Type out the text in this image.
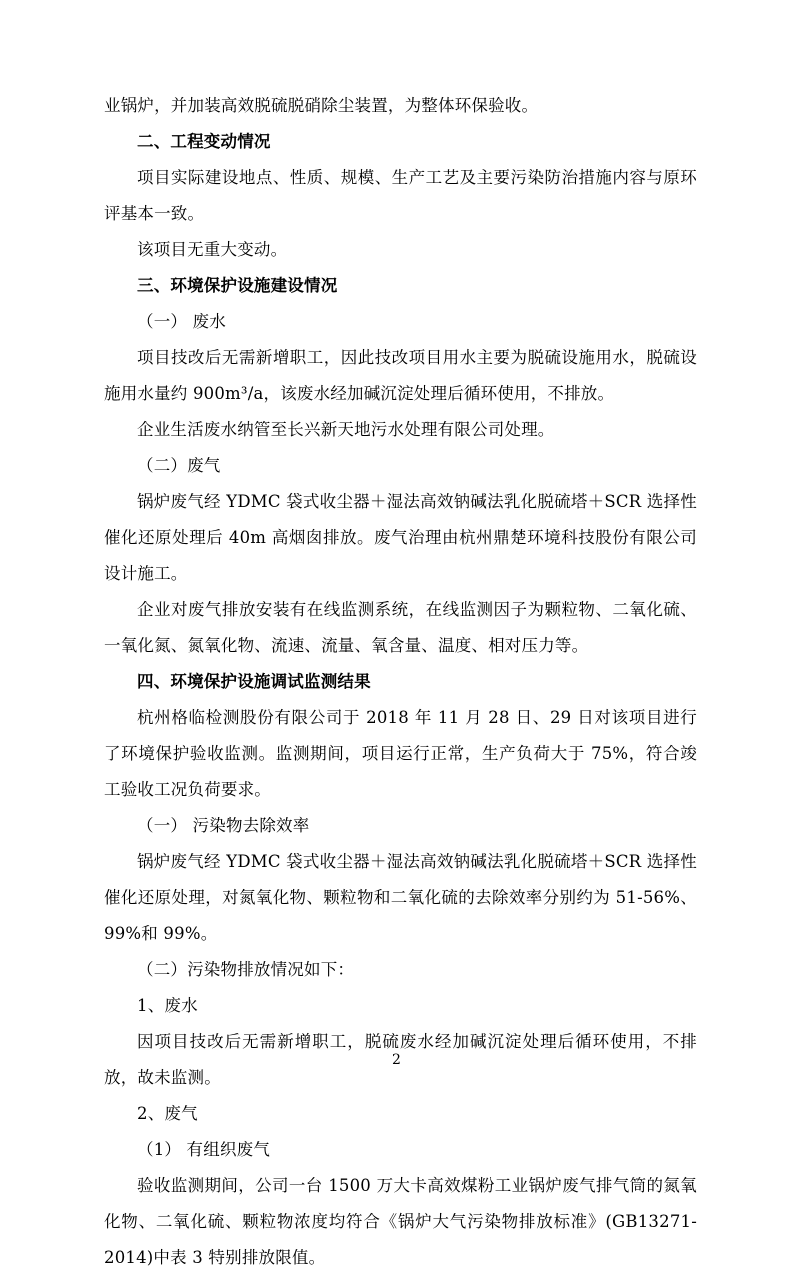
业锅炉，并加装高效脱硫脱硝除尘装置，为整体环保验收。

二、工程变动情况

项目实际建设地点、性质、规模、生产工艺及主要污染防治措施内容与原环评基本一致。

该项目无重大变动。

三、环境保护设施建设情况

（一） 废水

项目技改后无需新增职工，因此技改项目用水主要为脱硫设施用水，脱硫设施用水量约 900m³/a，该废水经加碱沉淀处理后循环使用，不排放。

企业生活废水纳管至长兴新天地污水处理有限公司处理。

（二）废气

锅炉废气经 YDMC 袋式收尘器＋湿法高效钠碱法乳化脱硫塔＋SCR 选择性催化还原处理后 40m 高烟囱排放。废气治理由杭州鼎楚环境科技股份有限公司设计施工。

企业对废气排放安装有在线监测系统，在线监测因子为颗粒物、二氧化硫、一氧化氮、氮氧化物、流速、流量、氧含量、温度、相对压力等。

四、环境保护设施调试监测结果

杭州格临检测股份有限公司于 2018 年 11 月 28 日、29 日对该项目进行了环境保护验收监测。监测期间，项目运行正常，生产负荷大于 75%，符合竣工验收工况负荷要求。

（一） 污染物去除效率

锅炉废气经 YDMC 袋式收尘器＋湿法高效钠碱法乳化脱硫塔＋SCR 选择性催化还原处理，对氮氧化物、颗粒物和二氧化硫的去除效率分别约为 51-56%、99%和 99%。

（二）污染物排放情况如下：

1、废水

因项目技改后无需新增职工，脱硫废水经加碱沉淀处理后循环使用，不排放，故未监测。

2、废气

（1） 有组织废气

验收监测期间，公司一台 1500 万大卡高效煤粉工业锅炉废气排气筒的氮氧化物、二氧化硫、颗粒物浓度均符合《锅炉大气污染物排放标准》(GB13271-2014)中表 3 特别排放限值。

2
